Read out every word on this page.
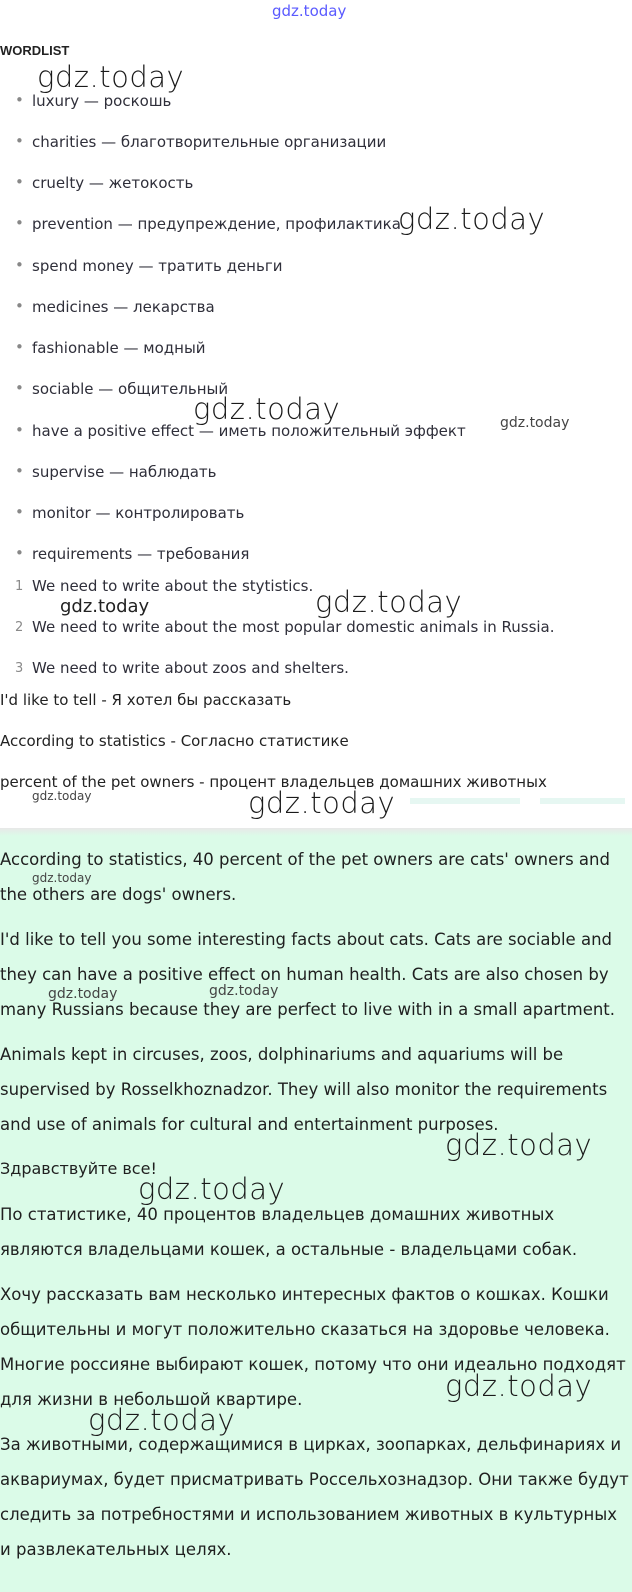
gdz.today
WORDLIST
• luxury — роскошь
• charities — благотворительные организации
• cruelty — жетокость
• prevention — предупреждение, профилактика
• spend money — тратить деньги
• medicines — лекарства
• fashionable — модный
• sociable — общительный
• have a positive effect — иметь положительный эффект
• supervise — наблюдать
• monitor — контролировать
• requirements — требования
1 We need to write about the stytistics.
2 We need to write about the most popular domestic animals in Russia.
3 We need to write about zoos and shelters.
I'd like to tell - Я хотел бы рассказать
According to statistics - Согласно статистике
percent of the pet owners - процент владельцев домашних животных

According to statistics, 40 percent of the pet owners are cats' owners and the others are dogs' owners.

I'd like to tell you some interesting facts about cats. Cats are sociable and they can have a positive effect on human health. Cats are also chosen by many Russians because they are perfect to live with in a small apartment.

Animals kept in circuses, zoos, dolphinariums and aquariums will be supervised by Rosselkhoznadzor. They will also monitor the requirements and use of animals for cultural and entertainment purposes.

Здравствуйте все!

По статистике, 40 процентов владельцев домашних животных являются владельцами кошек, а остальные - владельцами собак.

Хочу рассказать вам несколько интересных фактов о кошках. Кошки общительны и могут положительно сказаться на здоровье человека. Многие россияне выбирают кошек, потому что они идеально подходят для жизни в небольшой квартире.

За животными, содержащимися в цирках, зоопарках, дельфинариях и аквариумах, будет присматривать Россельхознадзор. Они также будут следить за потребностями и использованием животных в культурных и развлекательных целях.

gdz.today
gdz.today
gdz.today	gdz.today
gdz.today	gdz.today
gdz.today	gdz.today
gdz.today
gdz.today	gdz.today
gdz.today
gdz.today
gdz.today
gdz.today
